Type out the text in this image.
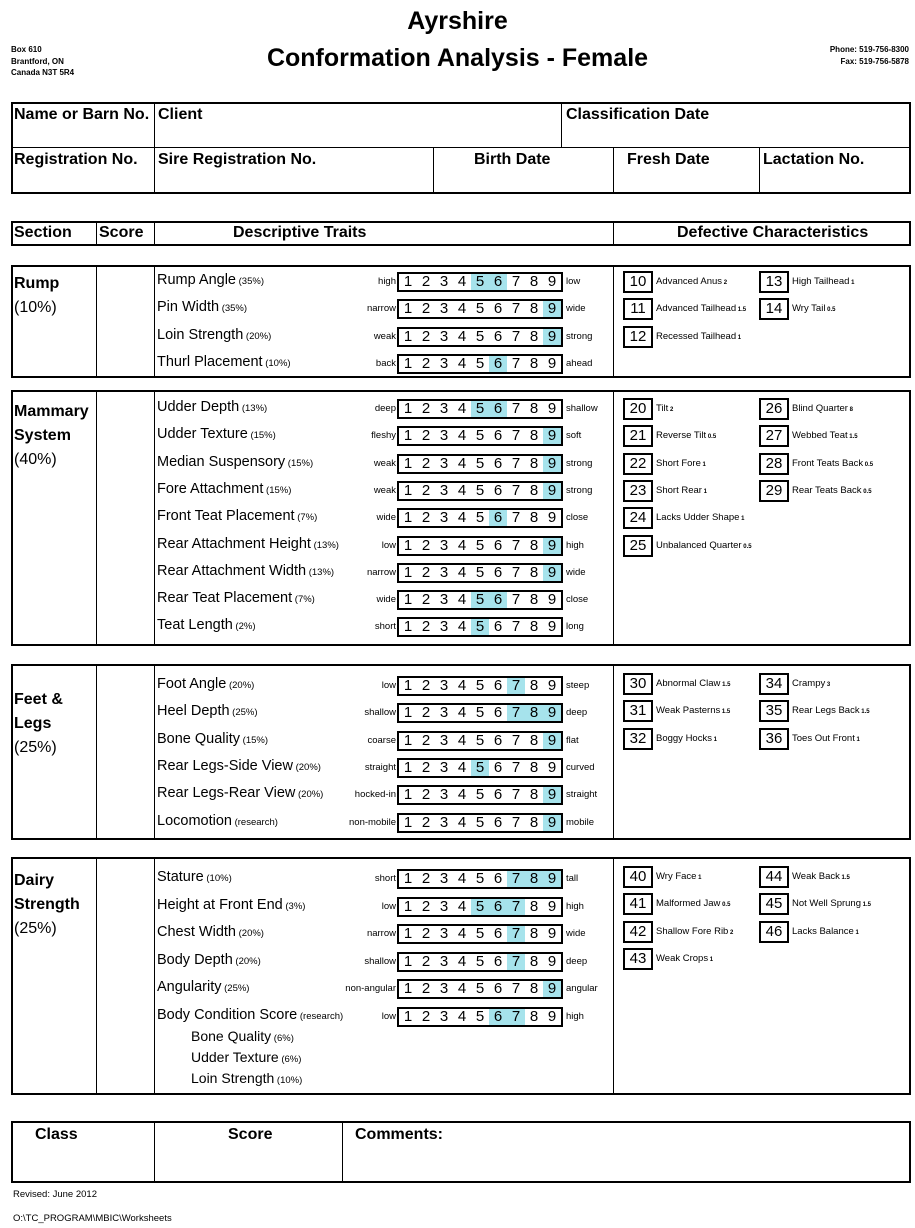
Box 610
Brantford, ON
Canada N3T 5R4
Ayrshire
Conformation Analysis - Female	Phone: 519-756-8300
Fax: 519-756-5878
Name or Barn No. Client	Classification Date
Registration No. Sire Registration No.	Birth Date	Fresh Date	Lactation No.
Section Score	Descriptive Traits	Defective Characteristics
Rump
(10%)
Rump Angle (35%)	high 1 2 3 4 5 6 7 8 9	low
Pin Width (35%)	narrow 1 2 3 4 5 6 7 8 9	wide
Loin Strength (20%)	weak 1 2 3 4 5 6 7 8 9	strong
Thurl Placement (10%)	back 1 2 3 4 5 6 7 8 9	ahead
10	Advanced Anus 2	13	High Tailhead 1
11	Advanced Tailhead 1.5	14	Wry Tail 0.5
12	Recessed Tailhead 1
Mammary
System
(40%)
Udder Depth (13%)	deep 1 2 3 4 5 6 7 8 9	shallow
Udder Texture (15%)	fleshy 1 2 3 4 5 6 7 8 9	soft
Median Suspensory (15%)	weak 1 2 3 4 5 6 7 8 9	strong
Fore Attachment (15%)	weak 1 2 3 4 5 6 7 8 9	strong
Front Teat Placement (7%)	wide 1 2 3 4 5 6 7 8 9	close
Rear Attachment Height (13%)	low 1 2 3 4 5 6 7 8 9	high
Rear Attachment Width (13%)	narrow 1 2 3 4 5 6 7 8 9	wide
Rear Teat Placement (7%)	wide 1 2 3 4 5 6 7 8 9	close
Teat Length (2%)	short 1 2 3 4 5 6 7 8 9	long
20	Tilt 2	26	Blind Quarter 8
21	Reverse Tilt 0.5	27	Webbed Teat 1.5
22	Short Fore 1	28	Front Teats Back 0.5
23	Short Rear 1	29	Rear Teats Back 0.5
24	Lacks Udder Shape 1
25	Unbalanced Quarter 0.5
Feet &
Legs (25%)
Foot Angle (20%)	low 1 2 3 4 5 6 7 8 9	steep
Heel Depth (25%)	shallow 1 2 3 4 5 6 7 8 9	deep
Bone Quality (15%)	coarse 1 2 3 4 5 6 7 8 9	flat
Rear Legs-Side View (20%)	straight 1 2 3 4 5 6 7 8 9	curved
Rear Legs-Rear View (20%)	hocked-in 1 2 3 4 5 6 7 8 9	straight
Locomotion (research)	non-mobile 1 2 3 4 5 6 7 8 9	mobile
30	Abnormal Claw 1.5	34	Crampy 3
31	Weak Pasterns 1.5	35	Rear Legs Back 1.5
32	Boggy Hocks 1	36	Toes Out Front 1
Dairy
Strength
(25%)
Stature (10%)	short 1 2 3 4 5 6 7 8 9	tall
Height at Front End (3%)	low 1 2 3 4 5 6 7 8 9	high
Chest Width (20%)	narrow 1 2 3 4 5 6 7 8 9	wide
Body Depth (20%)	shallow 1 2 3 4 5 6 7 8 9	deep
Angularity (25%)	non-angular 1 2 3 4 5 6 7 8 9	angular
Body Condition Score (research)	low 1 2 3 4 5 6 7 8 9	high
Bone Quality (6%)
Udder Texture (6%)
Loin Strength (10%)
40	Wry Face 1	44	Weak Back 1.5
41	Malformed Jaw 0.5	45	Not Well Sprung 1.5
42	Shallow Fore Rib 2	46	Lacks Balance 1
43	Weak Crops 1
Class	Score	Comments:
Revised: June 2012
O:\TC_PROGRAM\MBIC\Worksheets
